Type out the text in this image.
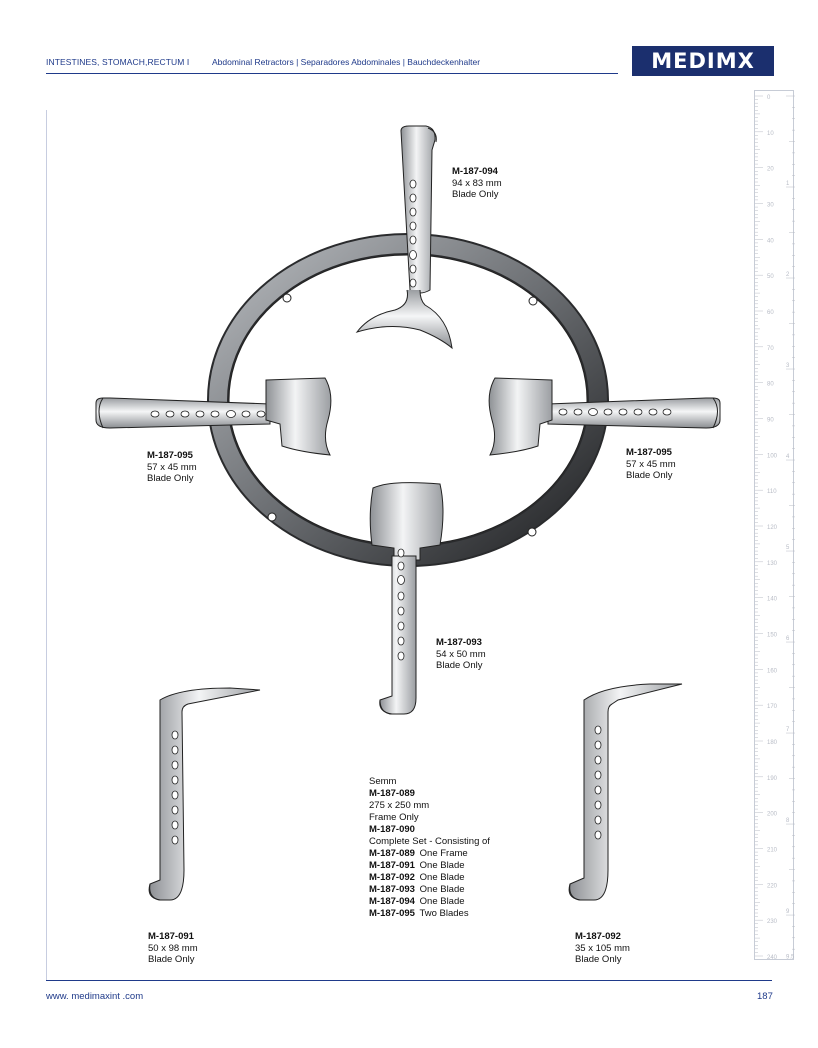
INTESTINES, STOMACH,RECTUM I	Abdominal Retractors | Separadores Abdominales | Bauchdeckenhalter	MEDIMX
0
10
20
30
40
50
60
70
80
90
100
110
120
130
140
150
160
170
180
190
200
210
220
230
240
1
2
3
4
5
6
7
8
9
9.5
M-187-094
94 x 83 mm
Blade Only
M-187-095
57 x 45 mm
Blade Only
M-187-095
57 x 45 mm
Blade Only
M-187-093
54 x 50 mm
Blade Only
M-187-091
50 x 98 mm
Blade Only
M-187-092
35 x 105 mm
Blade Only
Semm
M-187-089
275 x 250 mm
Frame Only
M-187-090
Complete Set - Consisting of
M-187-089 One Frame
M-187-091 One Blade
M-187-092 One Blade
M-187-093 One Blade
M-187-094 One Blade
M-187-095 Two Blades
www. medimaxint .com	187
